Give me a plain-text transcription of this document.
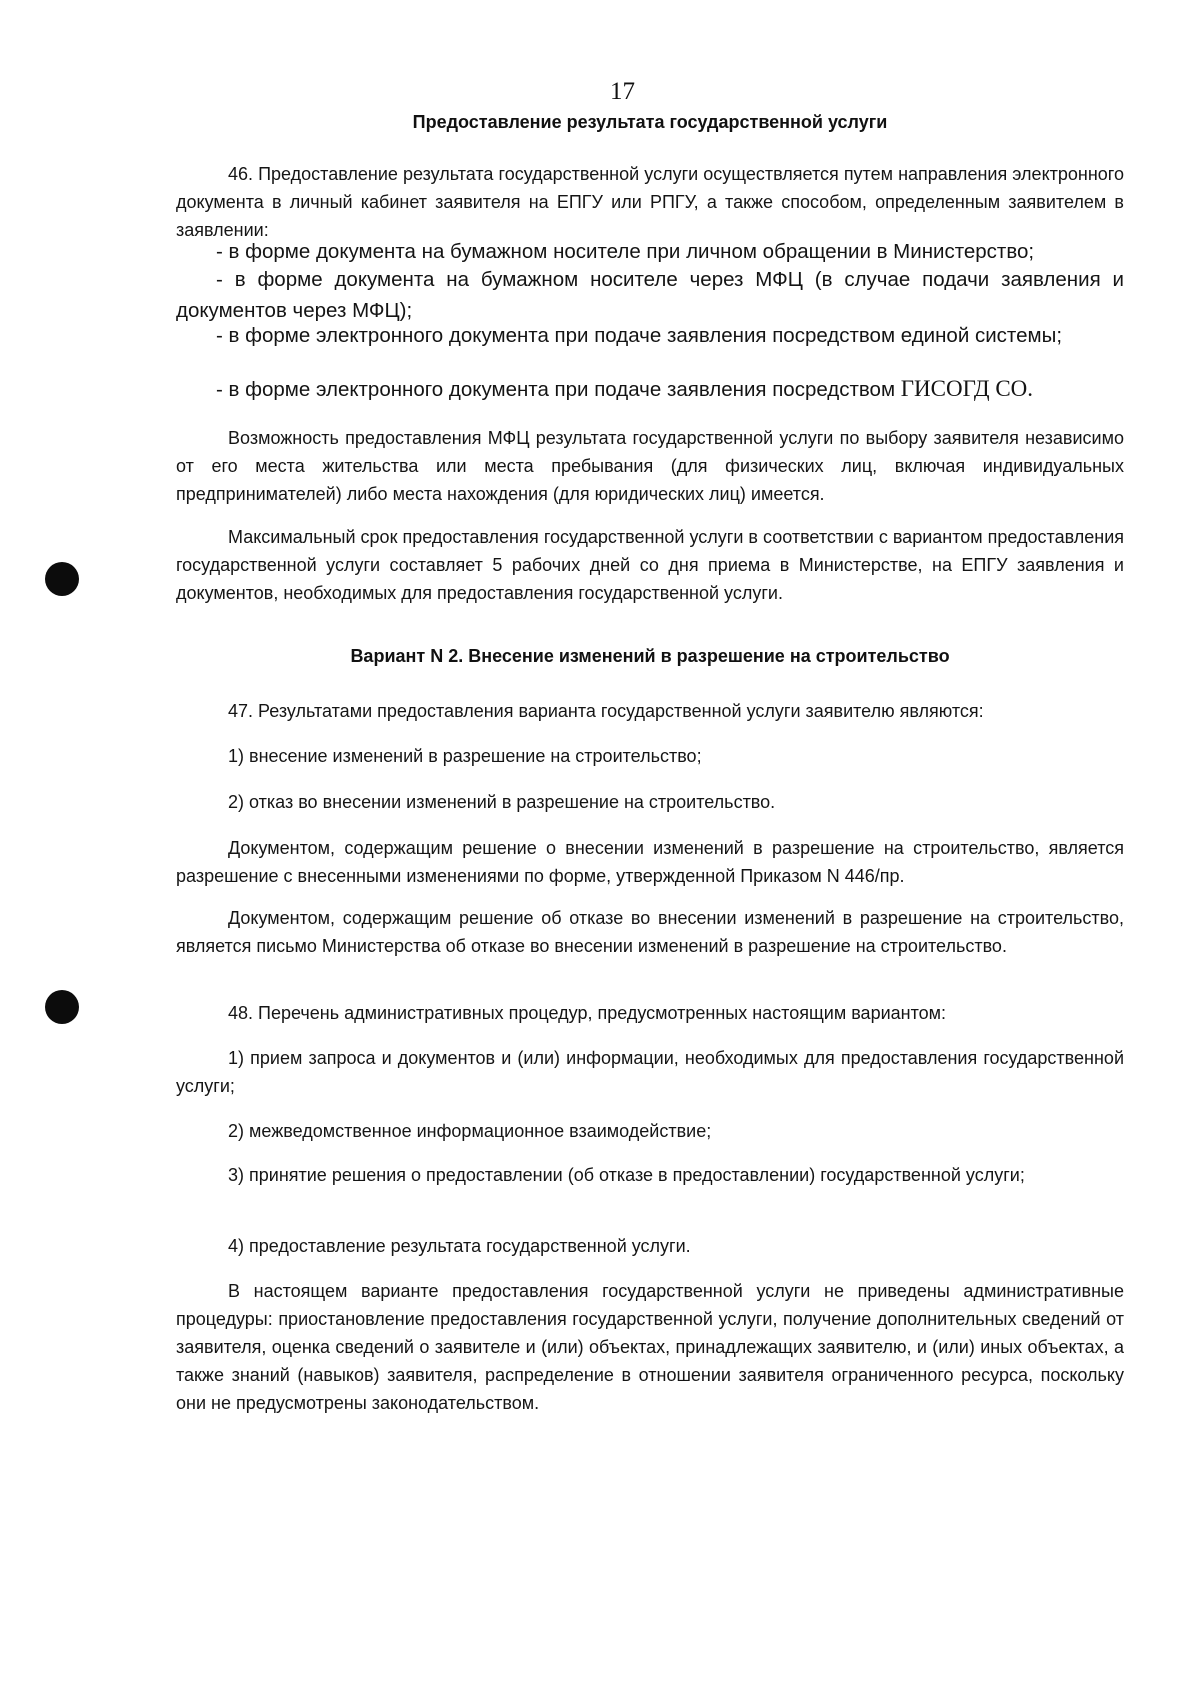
17
Предоставление результата государственной услуги
46. Предоставление результата государственной услуги осуществляется путем направления электронного документа в личный кабинет заявителя на ЕПГУ или РПГУ, а также способом, определенным заявителем в заявлении:
- в форме документа на бумажном носителе при личном обращении в Министерство;
- в форме документа на бумажном носителе через МФЦ (в случае подачи заявления и документов через МФЦ);
- в форме электронного документа при подаче заявления посредством единой системы;
- в форме электронного документа при подаче заявления посредством ГИСОГД СО.
Возможность предоставления МФЦ результата государственной услуги по выбору заявителя независимо от его места жительства или места пребывания (для физических лиц, включая индивидуальных предпринимателей) либо места нахождения (для юридических лиц) имеется.
Максимальный срок предоставления государственной услуги в соответствии с вариантом предоставления государственной услуги составляет 5 рабочих дней со дня приема в Министерстве, на ЕПГУ заявления и документов, необходимых для предоставления государственной услуги.
Вариант N 2. Внесение изменений в разрешение на строительство
47. Результатами предоставления варианта государственной услуги заявителю являются:
1) внесение изменений в разрешение на строительство;
2) отказ во внесении изменений в разрешение на строительство.
Документом, содержащим решение о внесении изменений в разрешение на строительство, является разрешение с внесенными изменениями по форме, утвержденной Приказом N 446/пр.
Документом, содержащим решение об отказе во внесении изменений в разрешение на строительство, является письмо Министерства об отказе во внесении изменений в разрешение на строительство.
48. Перечень административных процедур, предусмотренных настоящим вариантом:
1) прием запроса и документов и (или) информации, необходимых для предоставления государственной услуги;
2) межведомственное информационное взаимодействие;
3) принятие решения о предоставлении (об отказе в предоставлении) государственной услуги;
4) предоставление результата государственной услуги.
В настоящем варианте предоставления государственной услуги не приведены административные процедуры: приостановление предоставления государственной услуги, получение дополнительных сведений от заявителя, оценка сведений о заявителе и (или) объектах, принадлежащих заявителю, и (или) иных объектах, а также знаний (навыков) заявителя, распределение в отношении заявителя ограниченного ресурса, поскольку они не предусмотрены законодательством.
